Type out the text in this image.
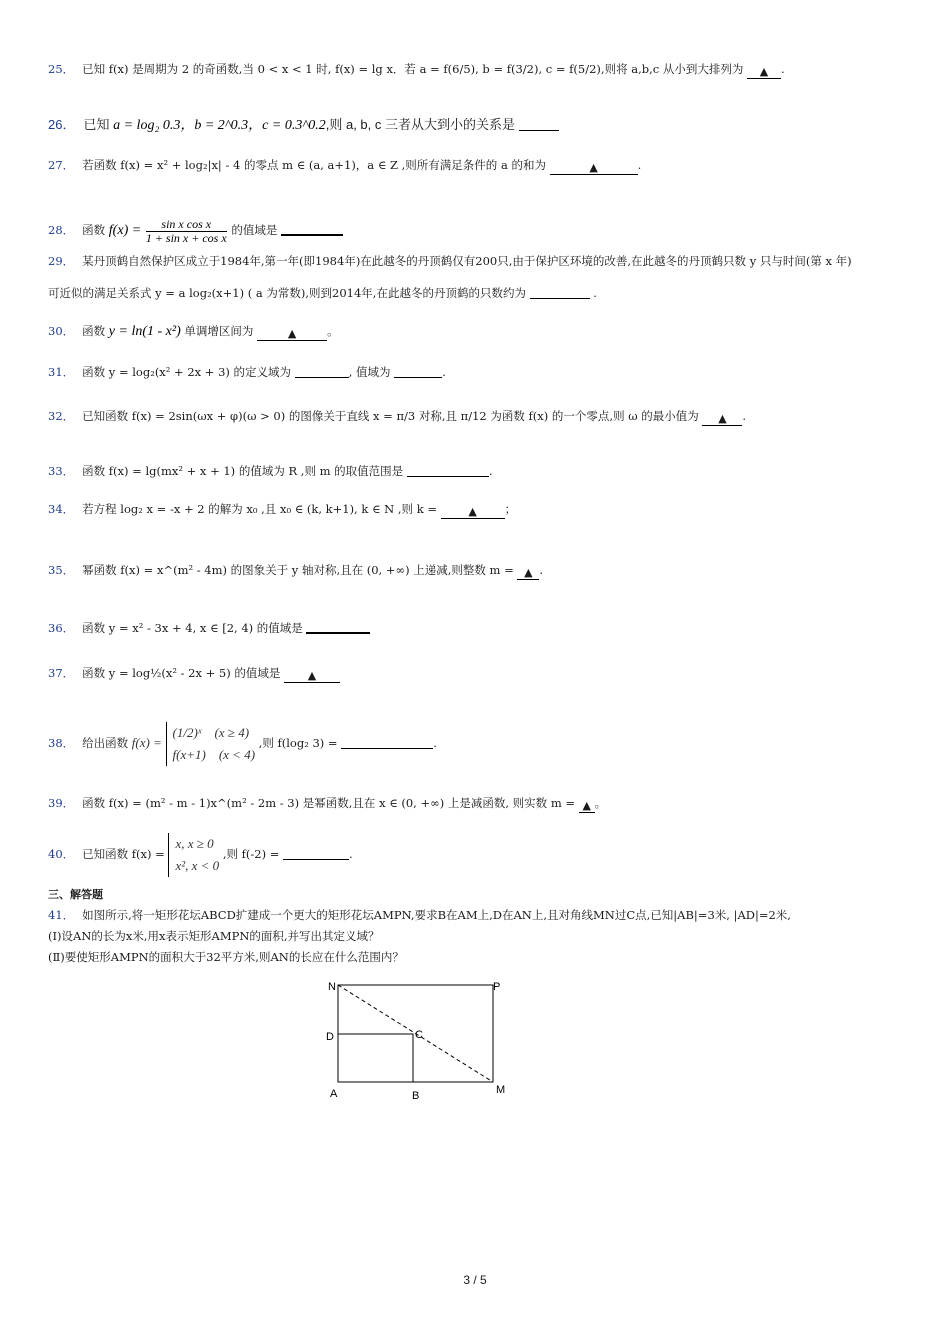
25． 已知 f(x) 是周期为 2 的奇函数,当 0 < x < 1 时, f(x) = lg x．若 a = f(6/5), b = f(3/2), c = f(5/2),则将 a,b,c 从小到大排列为 ▲ .
26． 已知 a = log₂ 0.3，b = 2^0.3，c = 0.3^0.2,则 a, b, c 三者从大到小的关系是
27． 若函数 f(x) = x² + log₂|x| - 4 的零点 m ∈ (a, a+1)，a ∈ Z ,则所有满足条件的 a 的和为	▲	.
28． 函数 $f(x) = \frac{\text{sin x cos x}}{\text{1 + sin x + cos x}}$ 的值域是
29． 某丹顶鹤自然保护区成立于1984年,第一年(即1984年)在此越冬的丹顶鹤仅有200只,由于保护区环境的改善,在此越冬的丹顶鹤只数 y 只与时间(第 x 年)
可近似的满足关系式 y = a log₂(x+1) ( a 为常数),则到2014年,在此越冬的丹顶鹤的只数约为	.
30． 函数 y = ln(1 - x²) 单调增区间为	▲	。
31． 函数 y = log₂(x² + 2x + 3) 的定义域为	, 值域为	.
32． 已知函数 f(x) = 2sin(ωx + φ)(ω > 0) 的图像关于直线 x = π/3 对称,且 π/12 为函数 f(x) 的一个零点,则 ω 的最小值为 ▲ .
33． 函数 f(x) = lg(mx² + x + 1) 的值域为 R ,则 m 的取值范围是	.
34． 若方程 log₂ x = -x + 2 的解为 x₀ ,且 x₀ ∈ (k, k+1), k ∈ N ,则 k =	▲ ；
35． 幂函数 f(x) = x^(m² - 4m) 的图象关于 y 轴对称,且在 (0, +∞) 上递减,则整数 m = ▲ .
36． 函数 y = x² - 3x + 4, x ∈ [2, 4) 的值域是
37． 函数 y = log½(x² - 2x + 5) 的值域是 ▲
38． 给出函数 f(x) =
(1/2)ˣ　(x ≥ 4)
f(x+1)　(x < 4)
,则 f(log₂ 3) =	.
39． 函数 f(x) = (m² - m - 1)x^(m² - 2m - 3) 是幂函数,且在 x ∈ (0, +∞) 上是减函数, 则实数 m = ▲ 。
40． 已知函数 f(x) =
x, x ≥ 0
x², x < 0
,则 f(-2) =	.
三、解答题
41． 如图所示,将一矩形花坛ABCD扩建成一个更大的矩形花坛AMPN,要求B在AM上,D在AN上,且对角线MN过C点,已知|AB|=3米, |AD|=2米,
(Ⅰ)设AN的长为x米,用x表示矩形AMPN的面积,并写出其定义域？
(Ⅱ)要使矩形AMPN的面积大于32平方米,则AN的长应在什么范围内？
N	P
D	C
A	B	M
3 / 5
